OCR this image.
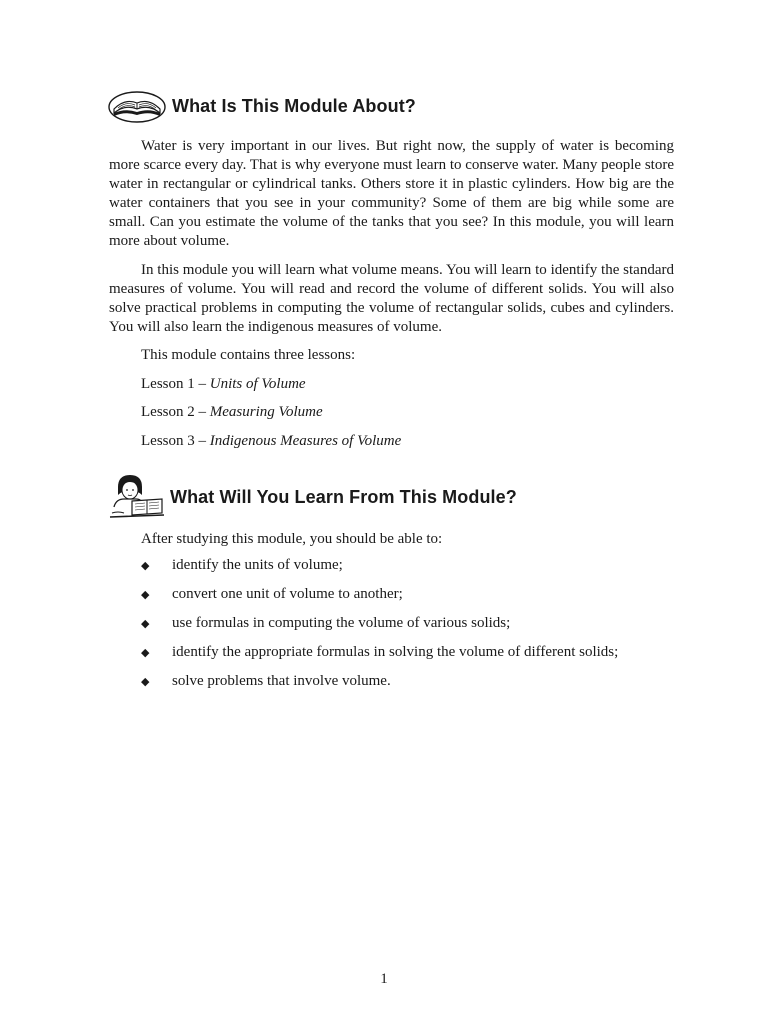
What Is This Module About?

Water is very important in our lives. But right now, the supply of water is becoming more scarce every day. That is why everyone must learn to conserve water. Many people store water in rectangular or cylindrical tanks. Others store it in plastic cylinders. How big are the water containers that you see in your community? Some of them are big while some are small. Can you estimate the volume of the tanks that you see? In this module, you will learn more about volume.

In this module you will learn what volume means. You will learn to identify the standard measures of volume. You will read and record the volume of different solids. You will also solve practical problems in computing the volume of rectangular solids, cubes and cylinders. You will also learn the indigenous measures of volume.

This module contains three lessons:

Lesson 1 – Units of Volume

Lesson 2 – Measuring Volume

Lesson 3 – Indigenous Measures of Volume

What Will You Learn From This Module?

After studying this module, you should be able to:

◆	identify the units of volume;
◆	convert one unit of volume to another;
◆	use formulas in computing the volume of various solids;
◆	identify the appropriate formulas in solving the volume of different solids;
◆	solve problems that involve volume.

1
